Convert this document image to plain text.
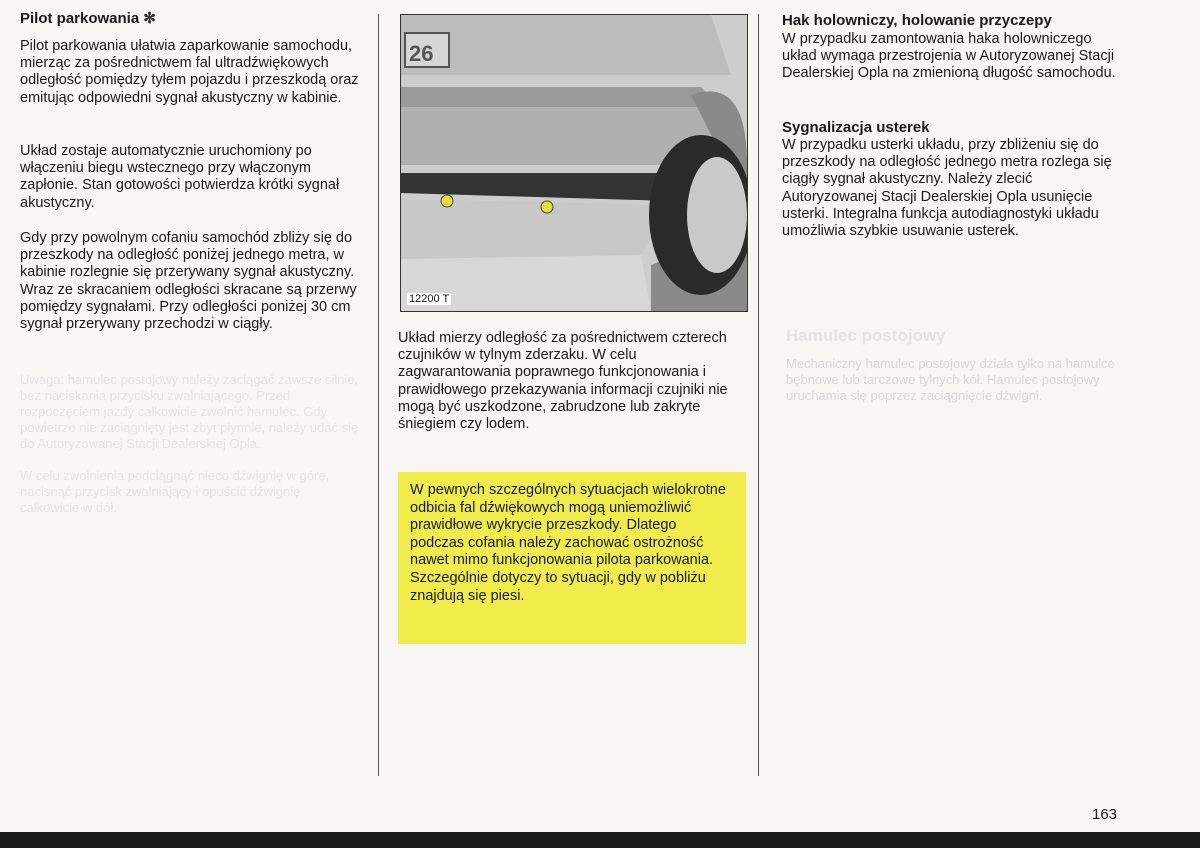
Hamulec postojowy
Mechaniczny hamulec postojowy działa tylko na hamulce bębnowe lub tarczowe tylnych kół. Hamulec postojowy uruchamia się poprzez zaciągnięcie dźwigni.
Uwaga: hamulec postojowy należy zaciągać zawsze silnie, bez naciskania przycisku zwalniającego. Przed rozpoczęciem jazdy całkowicie zwolnić hamulec. Gdy powietrze nie zaciągnięty jest zbyt płynnie, należy udać się do Autoryzowanej Stacji Dealerskiej Opla.

W celu zwolnienia podciągnąć nieco dźwignię w górę, nacisnąć przycisk zwalniający i opuścić dźwignię całkowicie w dół.
Pilot parkowania ✻

Pilot parkowania ułatwia zaparkowanie samochodu, mierząc za pośrednictwem fal ultradźwiękowych odległość pomiędzy tyłem pojazdu i przeszkodą oraz emitując odpowiedni sygnał akustyczny w kabinie.

Układ zostaje automatycznie uruchomiony po włączeniu biegu wstecznego przy włączonym zapłonie. Stan gotowości potwierdza krótki sygnał akustyczny.

Gdy przy powolnym cofaniu samochód zbliży się do przeszkody na odległość poniżej jednego metra, w kabinie rozlegnie się przerywany sygnał akustyczny. Wraz ze skracaniem odległości skracane są przerwy pomiędzy sygnałami. Przy odległości poniżej 30 cm sygnał przerywany przechodzi w ciągły.

26
12200 T

Układ mierzy odległość za pośrednictwem czterech czujników w tylnym zderzaku. W celu zagwarantowania poprawnego funkcjonowania i prawidłowego przekazywania informacji czujniki nie mogą być uszkodzone, zabrudzone lub zakryte śniegiem czy lodem.

W pewnych szczególnych sytuacjach wielokrotne odbicia fal dźwiękowych mogą uniemożliwić prawidłowe wykrycie przeszkody. Dlatego podczas cofania należy zachować ostrożność nawet mimo funkcjonowania pilota parkowania. Szczególnie dotyczy to sytuacji, gdy w pobliżu znajdują się piesi.

Hak holowniczy, holowanie przyczepy

W przypadku zamontowania haka holowniczego układ wymaga przestrojenia w Autoryzowanej Stacji Dealerskiej Opla na zmienioną długość samochodu.

Sygnalizacja usterek

W przypadku usterki układu, przy zbliżeniu się do przeszkody na odległość jednego metra rozlega się ciągły sygnał akustyczny. Należy zlecić Autoryzowanej Stacji Dealerskiej Opla usunięcie usterki. Integralna funkcja autodiagnostyki układu umożliwia szybkie usuwanie usterek.

163
